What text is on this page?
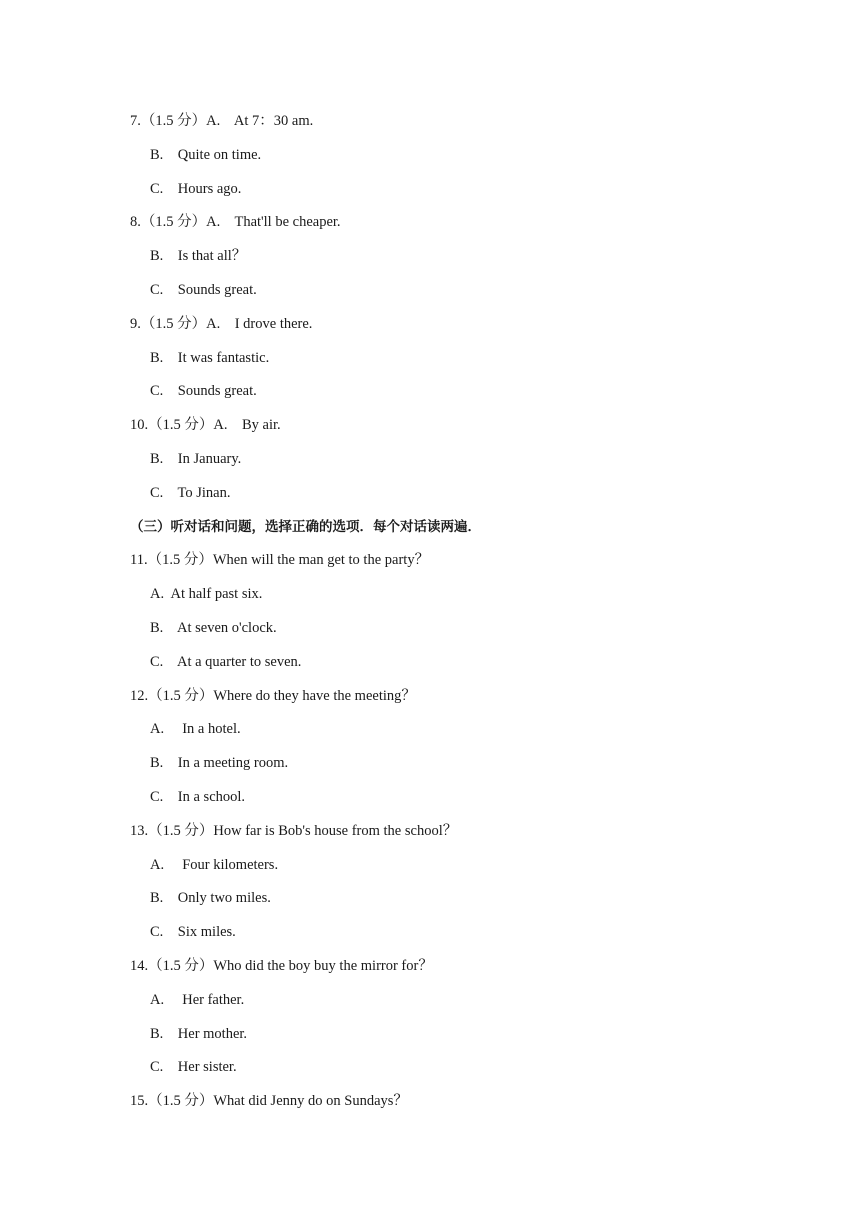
7.（1.5 分）A.    At 7：30 am.
B.    Quite on time.
C.    Hours ago.
8.（1.5 分）A.    That'll be cheaper.
B.    Is that all？
C.    Sounds great.
9.（1.5 分）A.    I drove there.
B.    It was fantastic.
C.    Sounds great.
10.（1.5 分）A.    By air.
B.    In January.
C.    To Jinan.
（三）听对话和问题，选择正确的选项．每个对话读两遍．
11.（1.5 分）When will the man get to the party？
A.  At half past six.
B.    At seven o'clock.
C.    At a quarter to seven.
12.（1.5 分）Where do they have the meeting？
A.     In a hotel.
B.    In a meeting room.
C.    In a school.
13.（1.5 分）How far is Bob's house from the school？
A.     Four kilometers.
B.    Only two miles.
C.    Six miles.
14.（1.5 分）Who did the boy buy the mirror for？
A.     Her father.
B.    Her mother.
C.    Her sister.
15.（1.5 分）What did Jenny do on Sundays？
